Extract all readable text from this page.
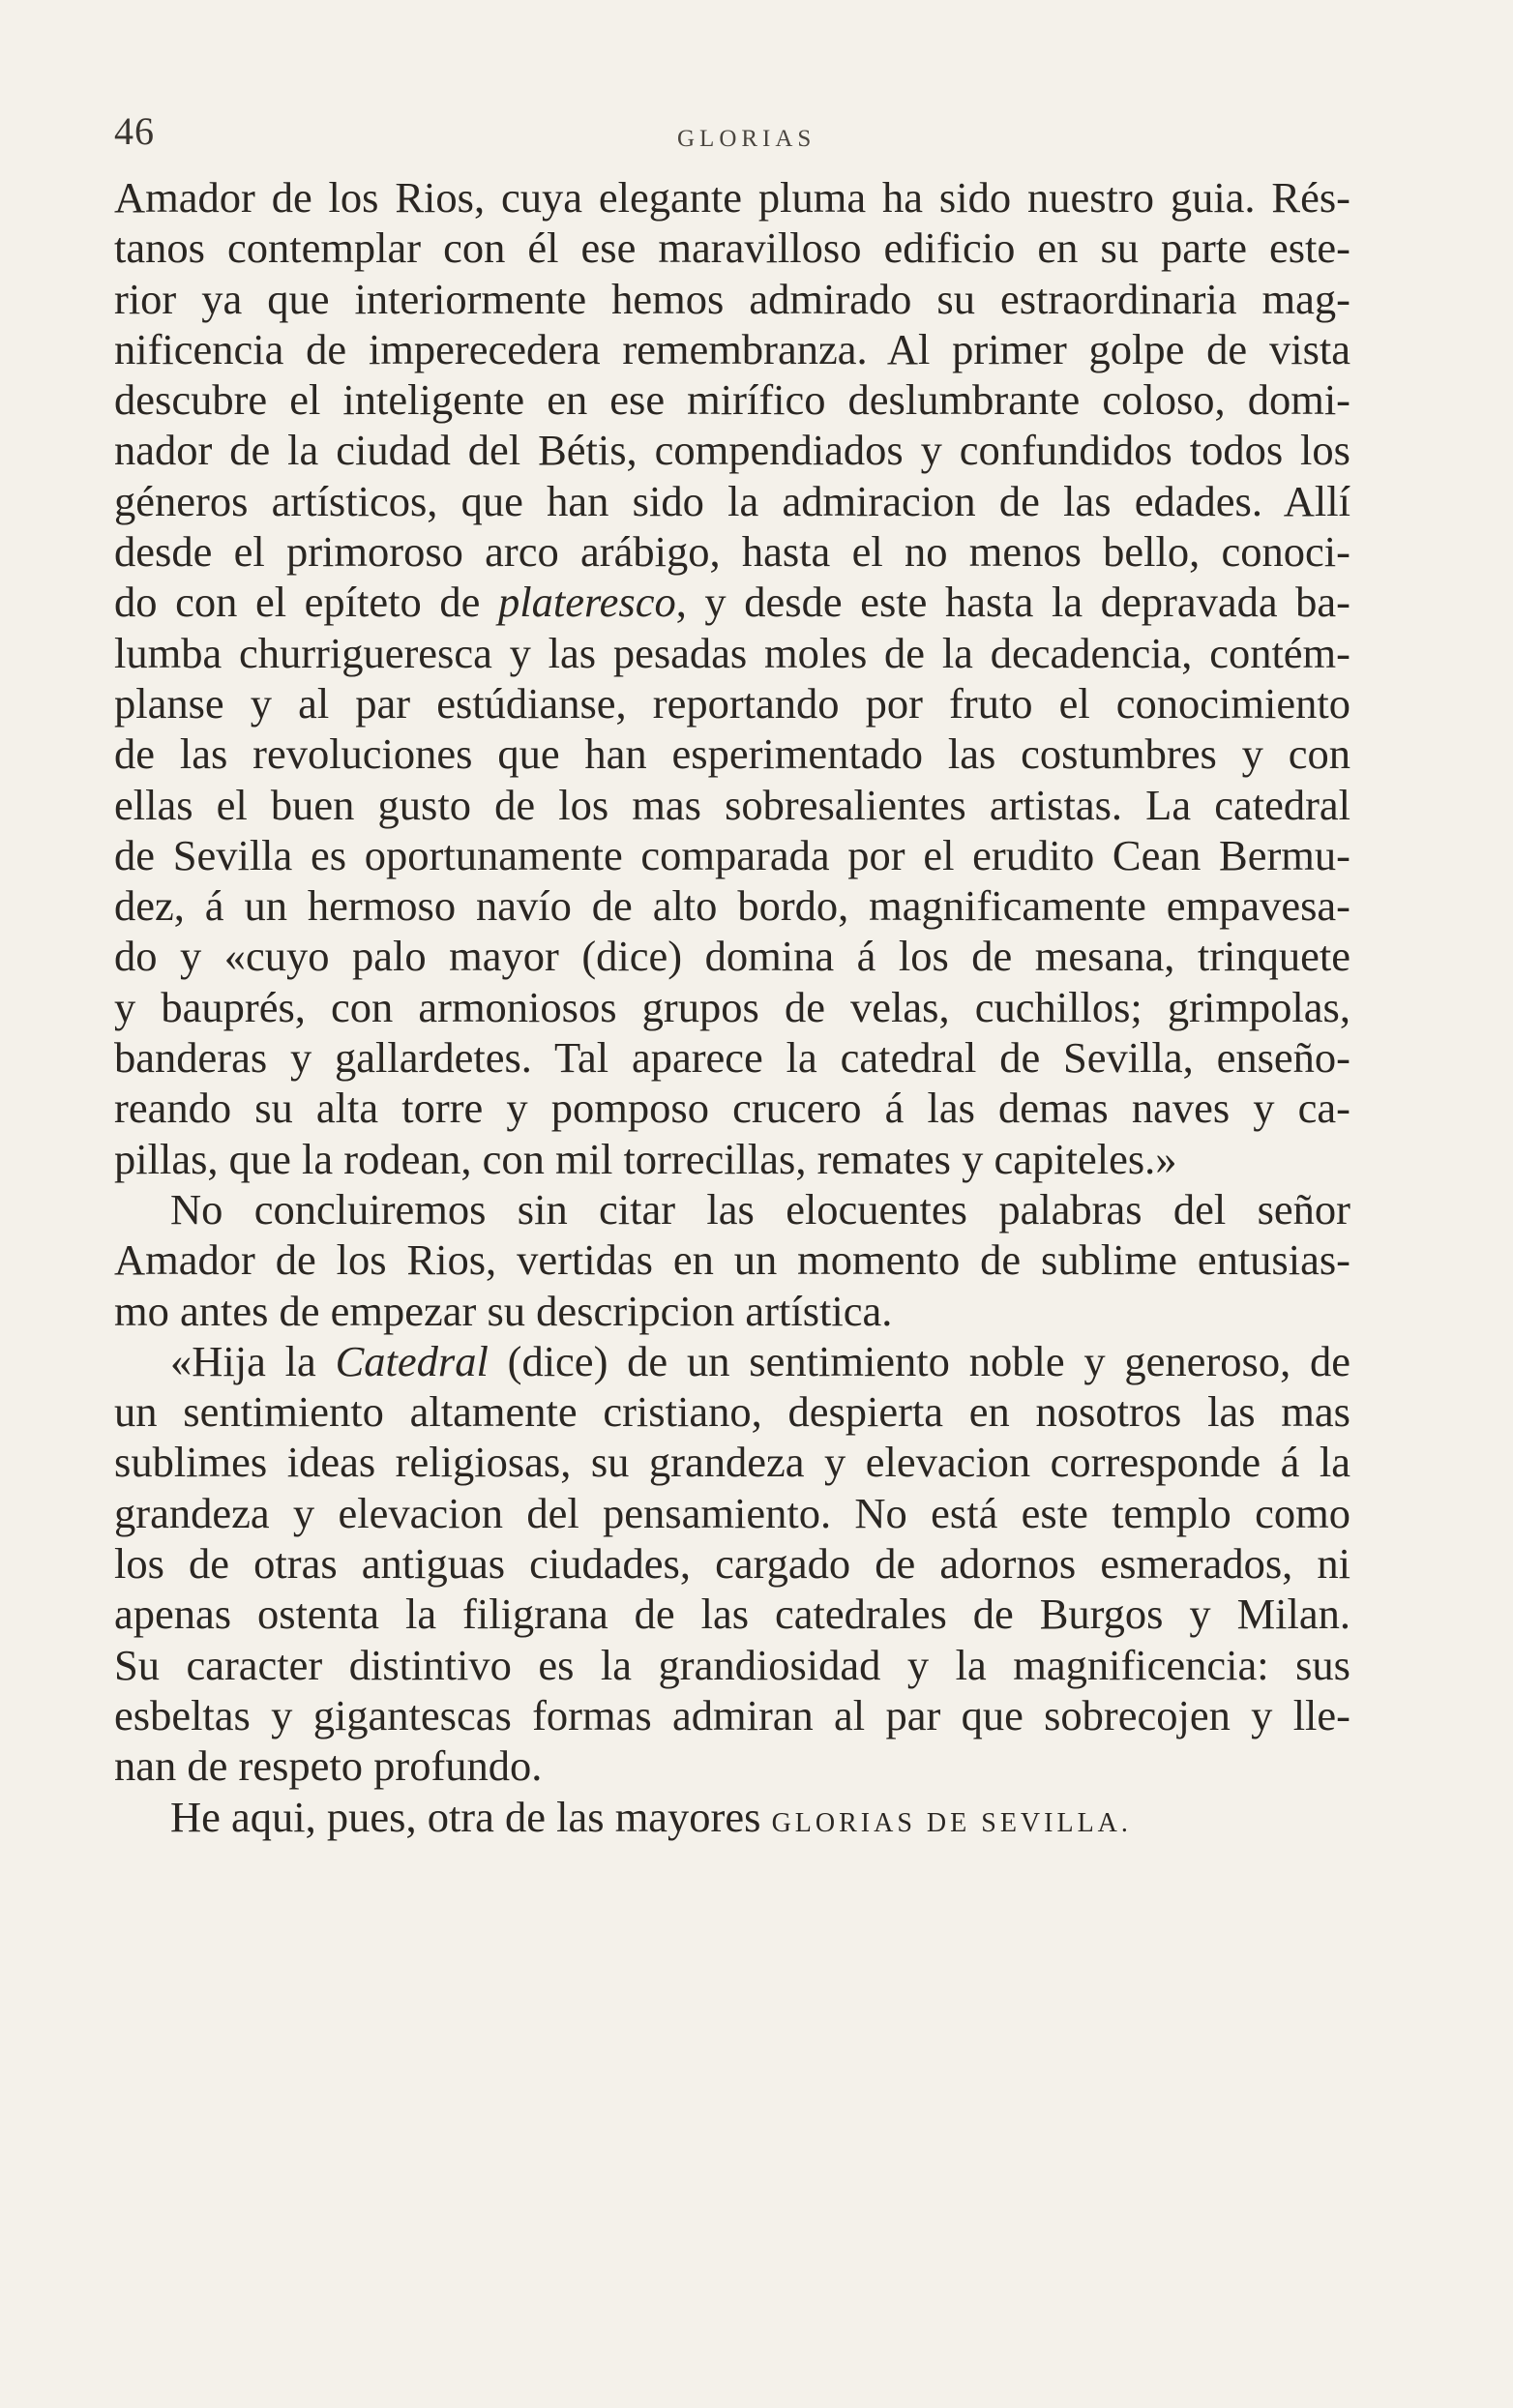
46	GLORIAS
Amador de los Rios, cuya elegante pluma ha sido nuestro guia. Rés-
tanos contemplar con él ese maravilloso edificio en su parte este-
rior ya que interiormente hemos admirado su estraordinaria mag-
nificencia de imperecedera remembranza. Al primer golpe de vista
descubre el inteligente en ese mirífico deslumbrante coloso, domi-
nador de la ciudad del Bétis, compendiados y confundidos todos los
géneros artísticos, que han sido la admiracion de las edades. Allí
desde el primoroso arco arábigo, hasta el no menos bello, conoci-
do con el epíteto de plateresco, y desde este hasta la depravada ba-
lumba churrigueresca y las pesadas moles de la decadencia, contém-
planse y al par estúdianse, reportando por fruto el conocimiento
de las revoluciones que han esperimentado las costumbres y con
ellas el buen gusto de los mas sobresalientes artistas. La catedral
de Sevilla es oportunamente comparada por el erudito Cean Bermu-
dez, á un hermoso navío de alto bordo, magnificamente empavesa-
do y «cuyo palo mayor (dice) domina á los de mesana, trinquete
y bauprés, con armoniosos grupos de velas, cuchillos; grimpolas,
banderas y gallardetes. Tal aparece la catedral de Sevilla, enseño-
reando su alta torre y pomposo crucero á las demas naves y ca-
pillas, que la rodean, con mil torrecillas, remates y capiteles.»
No concluiremos sin citar las elocuentes palabras del señor
Amador de los Rios, vertidas en un momento de sublime entusias-
mo antes de empezar su descripcion artística.
«Hija la Catedral (dice) de un sentimiento noble y generoso, de
un sentimiento altamente cristiano, despierta en nosotros las mas
sublimes ideas religiosas, su grandeza y elevacion corresponde á la
grandeza y elevacion del pensamiento. No está este templo como
los de otras antiguas ciudades, cargado de adornos esmerados, ni
apenas ostenta la filigrana de las catedrales de Burgos y Milan.
Su caracter distintivo es la grandiosidad y la magnificencia: sus
esbeltas y gigantescas formas admiran al par que sobrecojen y lle-
nan de respeto profundo.
He aqui, pues, otra de las mayores GLORIAS DE SEVILLA.
